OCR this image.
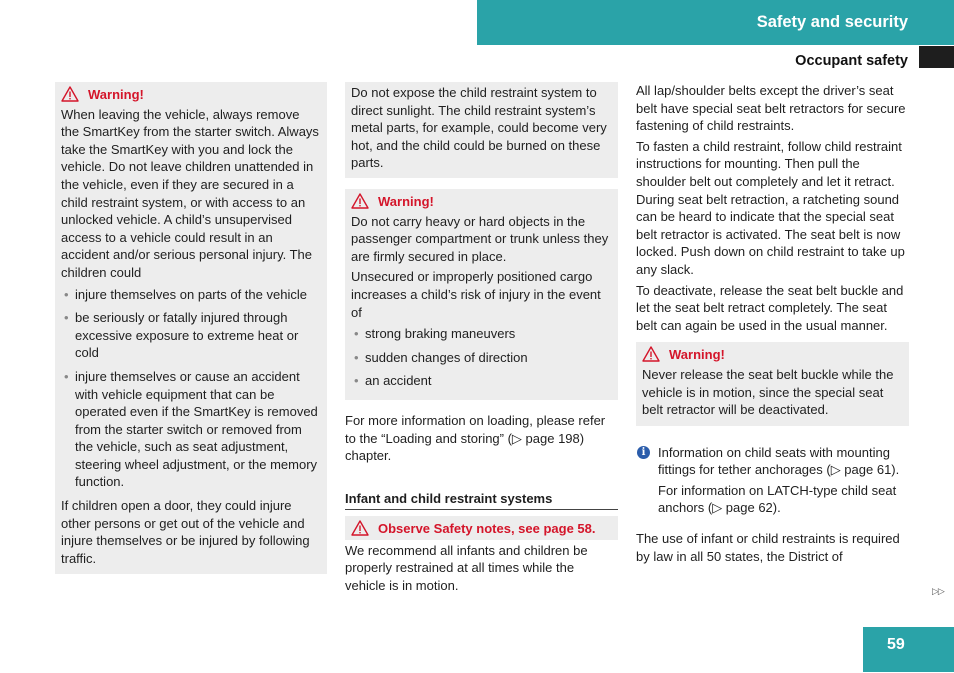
Safety and security
Occupant safety
Warning!

When leaving the vehicle, always remove the SmartKey from the starter switch. Always take the SmartKey with you and lock the vehicle. Do not leave children unattended in the vehicle, even if they are secured in a child restraint system, or with access to an unlocked vehicle. A child’s unsupervised access to a vehicle could result in an accident and/or serious personal injury. The children could

• injure themselves on parts of the vehicle
• be seriously or fatally injured through excessive exposure to extreme heat or cold
• injure themselves or cause an accident with vehicle equipment that can be operated even if the SmartKey is removed from the starter switch or removed from the vehicle, such as seat adjustment, steering wheel adjustment, or the memory function.

If children open a door, they could injure other persons or get out of the vehicle and injure themselves or be injured by following traffic.

Do not expose the child restraint system to direct sunlight. The child restraint system’s metal parts, for example, could become very hot, and the child could be burned on these parts.

Warning!

Do not carry heavy or hard objects in the passenger compartment or trunk unless they are firmly secured in place.

Unsecured or improperly positioned cargo increases a child’s risk of injury in the event of

• strong braking maneuvers
• sudden changes of direction
• an accident

For more information on loading, please refer to the “Loading and storing” (▷ page 198) chapter.

Infant and child restraint systems
Observe Safety notes, see page 58.

We recommend all infants and children be properly restrained at all times while the vehicle is in motion.

All lap/shoulder belts except the driver’s seat belt have special seat belt retractors for secure fastening of child restraints.

To fasten a child restraint, follow child restraint instructions for mounting. Then pull the shoulder belt out completely and let it retract. During seat belt retraction, a ratcheting sound can be heard to indicate that the special seat belt retractor is activated. The seat belt is now locked. Push down on child restraint to take up any slack.

To deactivate, release the seat belt buckle and let the seat belt retract completely. The seat belt can again be used in the usual manner.

Warning!

Never release the seat belt buckle while the vehicle is in motion, since the special seat belt retractor will be deactivated.

i Information on child seats with mounting fittings for tether anchorages (▷ page 61).

For information on LATCH-type child seat anchors (▷ page 62).

The use of infant or child restraints is required by law in all 50 states, the District of

▷▷
59
